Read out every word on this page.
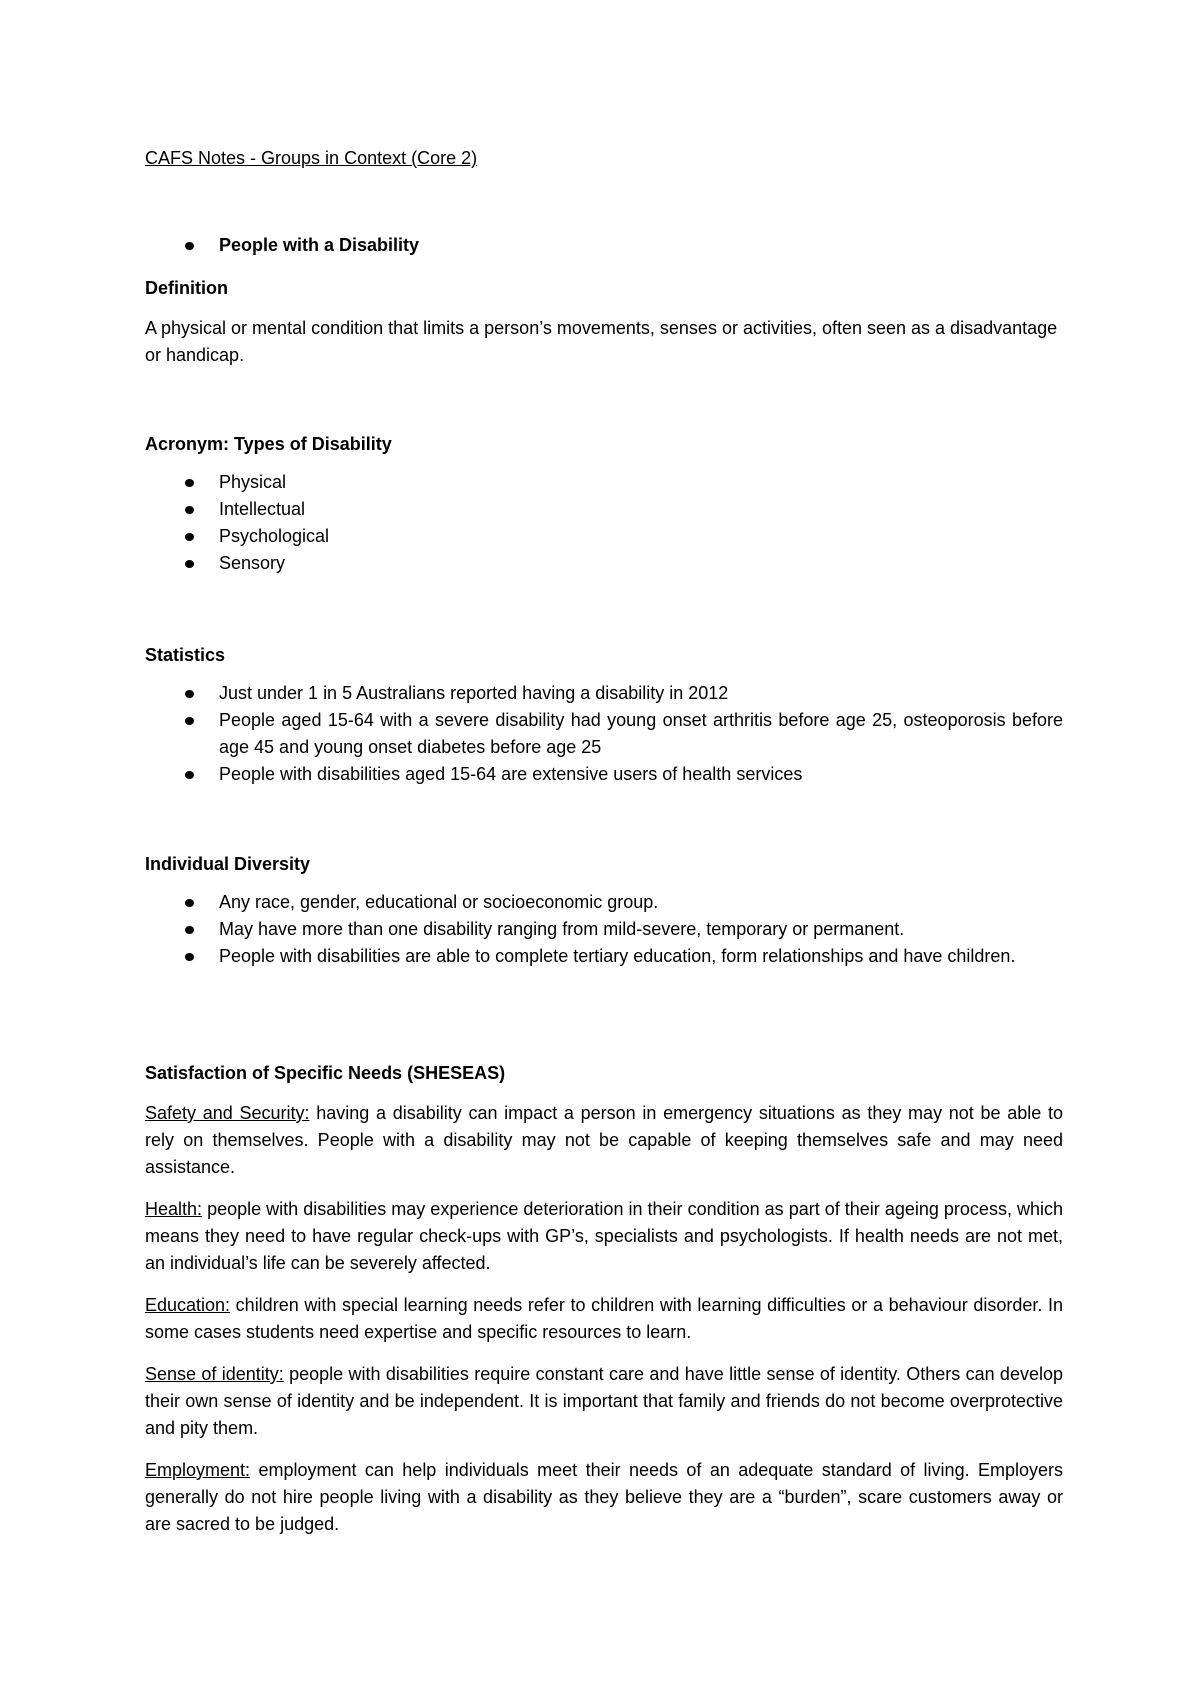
CAFS Notes - Groups in Context (Core 2)
People with a Disability

Definition

A physical or mental condition that limits a person’s movements, senses or activities, often seen as a disadvantage or handicap.

Acronym: Types of Disability

Physical
Intellectual
Psychological
Sensory

Statistics

Just under 1 in 5 Australians reported having a disability in 2012
People aged 15-64 with a severe disability had young onset arthritis before age 25, osteoporosis before age 45 and young onset diabetes before age 25
People with disabilities aged 15-64 are extensive users of health services

Individual Diversity

Any race, gender, educational or socioeconomic group.
May have more than one disability ranging from mild-severe, temporary or permanent.
People with disabilities are able to complete tertiary education, form relationships and have children.

Satisfaction of Specific Needs (SHESEAS)

Safety and Security: having a disability can impact a person in emergency situations as they may not be able to rely on themselves. People with a disability may not be capable of keeping themselves safe and may need assistance.

Health: people with disabilities may experience deterioration in their condition as part of their ageing process, which means they need to have regular check-ups with GP’s, specialists and psychologists. If health needs are not met, an individual’s life can be severely affected.

Education: children with special learning needs refer to children with learning difficulties or a behaviour disorder. In some cases students need expertise and specific resources to learn.

Sense of identity: people with disabilities require constant care and have little sense of identity. Others can develop their own sense of identity and be independent. It is important that family and friends do not become overprotective and pity them.

Employment: employment can help individuals meet their needs of an adequate standard of living. Employers generally do not hire people living with a disability as they believe they are a “burden”, scare customers away or are sacred to be judged.
